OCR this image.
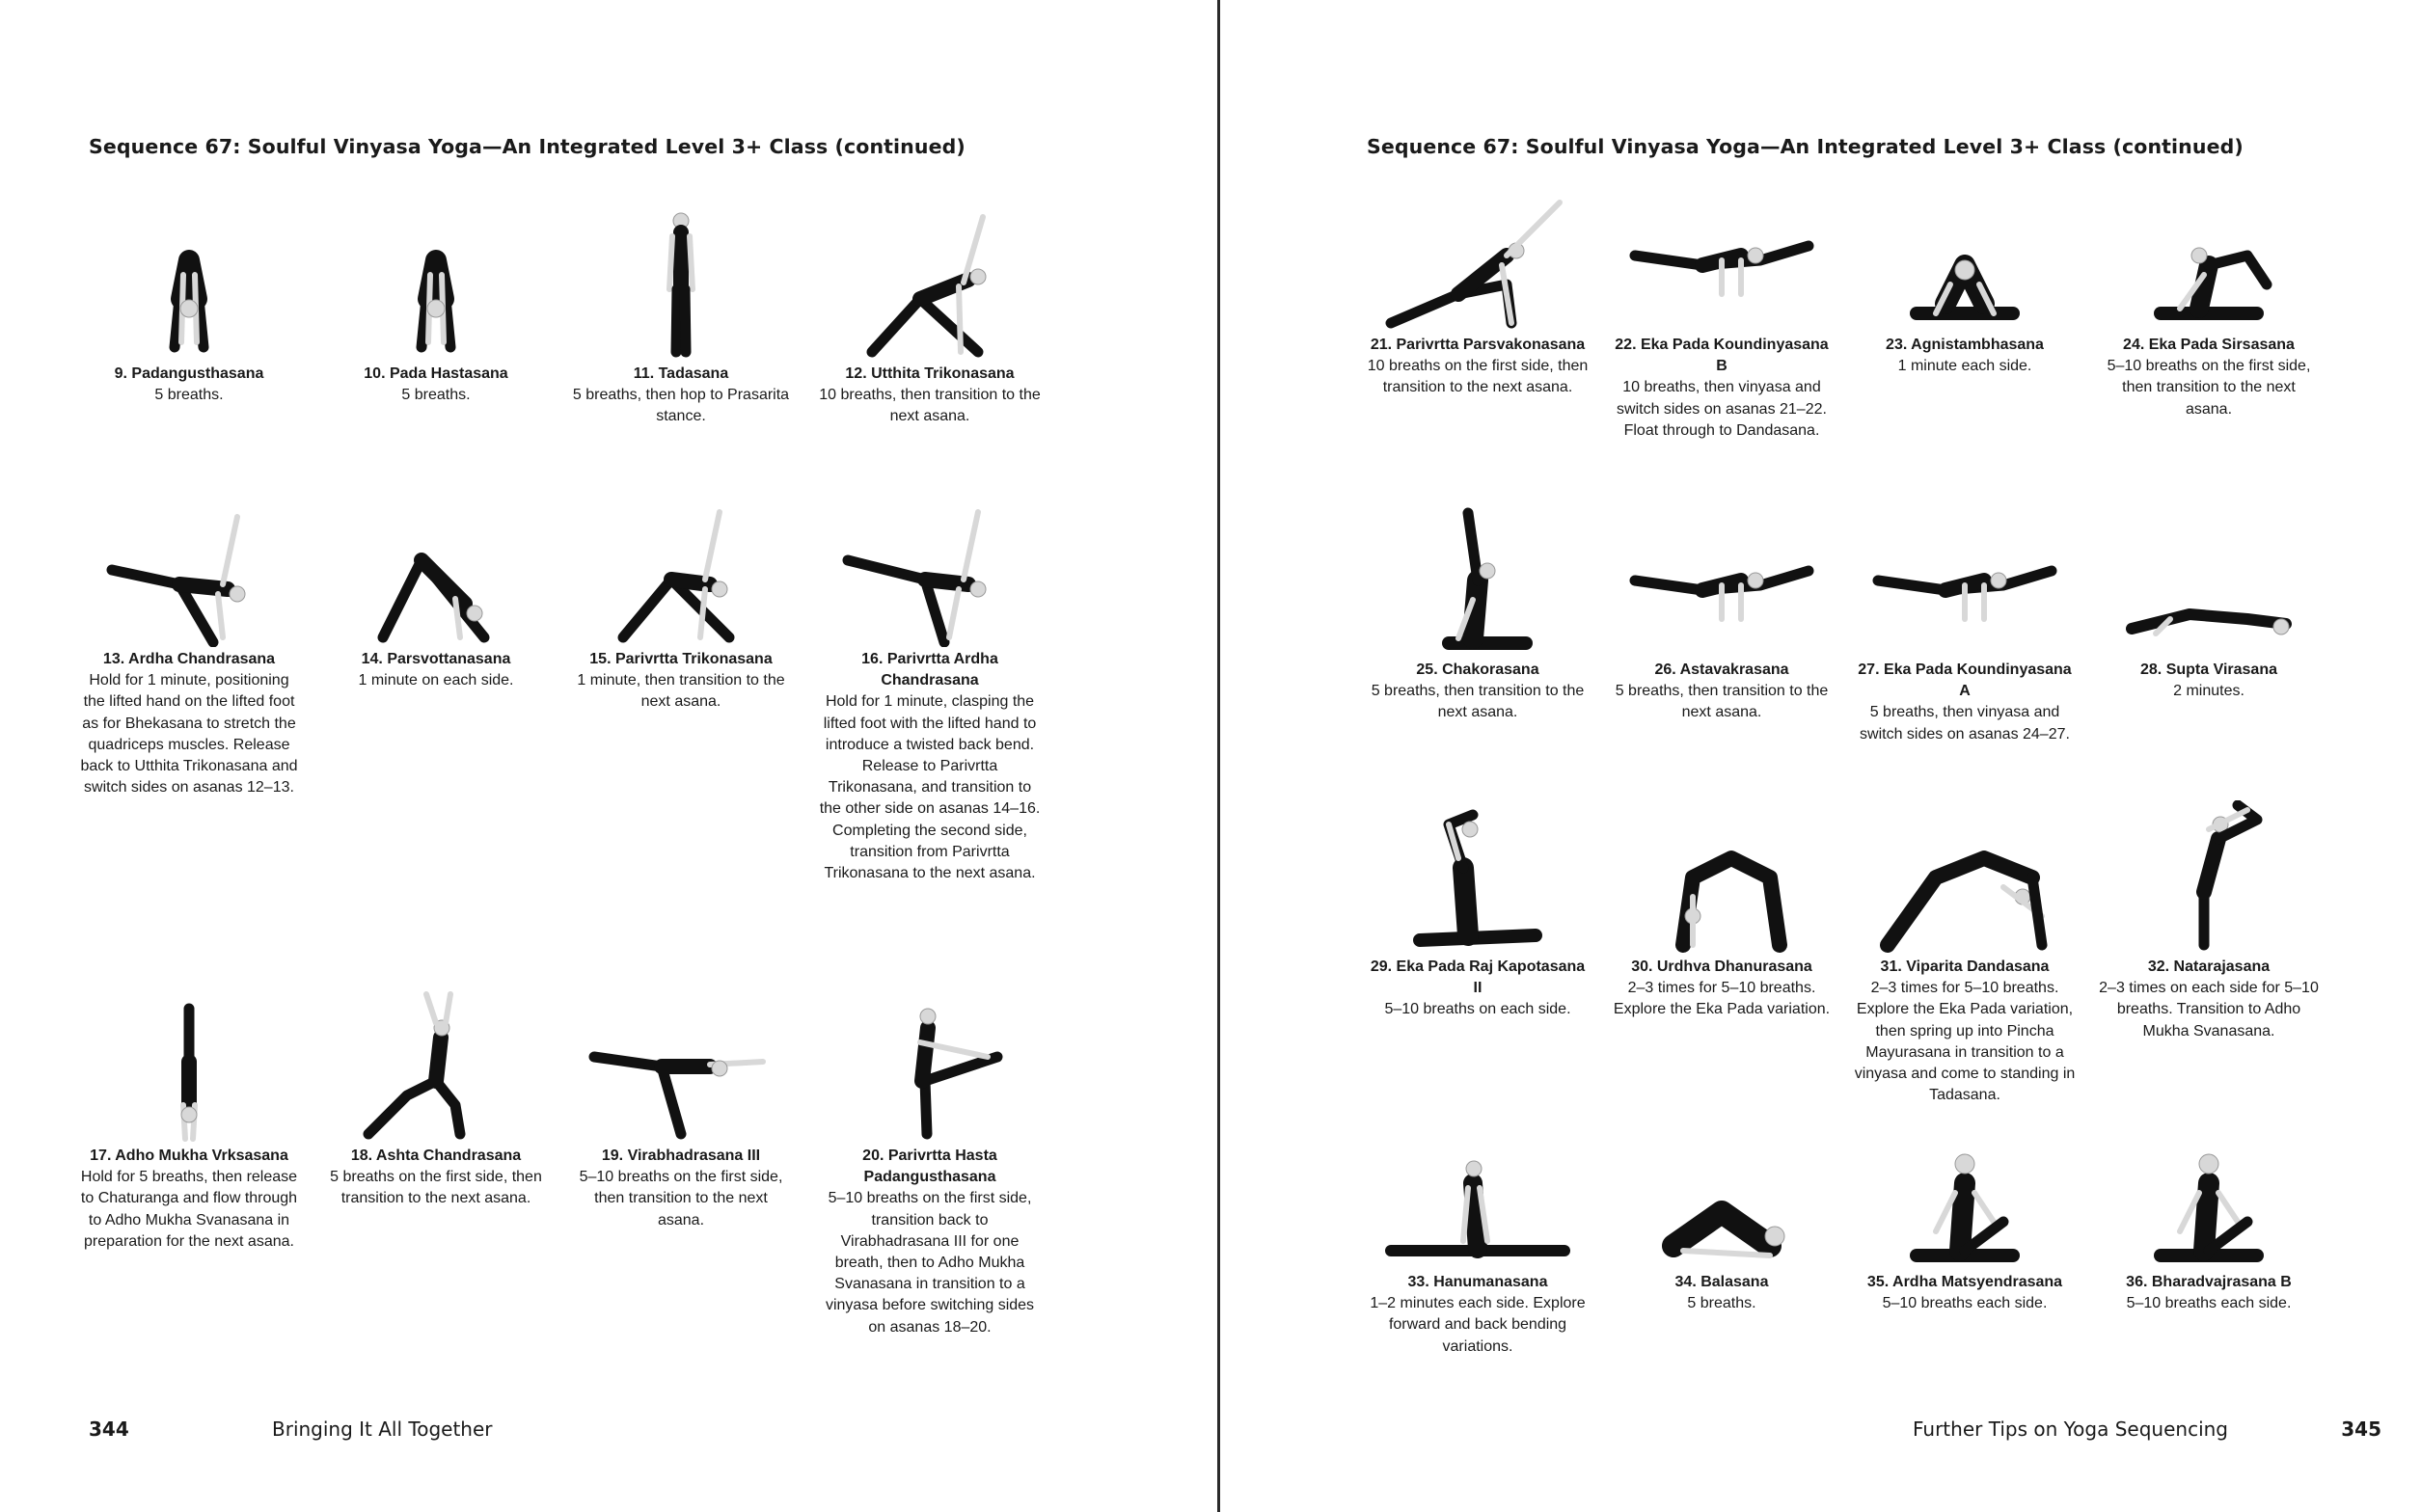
Sequence 67: Soulful Vinyasa Yoga—An Integrated Level 3+ Class (continued)
9. Padangusthasana
5 breaths.
10. Pada Hastasana
5 breaths.
11. Tadasana
5 breaths, then hop to Prasarita stance.
12. Utthita Trikonasana
10 breaths, then transition to the next asana.
13. Ardha Chandrasana
Hold for 1 minute, positioning the lifted hand on the lifted foot as for Bhekasana to stretch the quadriceps muscles. Release back to Utthita Trikonasana and switch sides on asanas 12–13.
14. Parsvottanasana
1 minute on each side.
15. Parivrtta Trikonasana
1 minute, then transition to the next asana.
16. Parivrtta Ardha Chandrasana
Hold for 1 minute, clasping the lifted foot with the lifted hand to introduce a twisted back bend. Release to Parivrtta Trikonasana, and transition to the other side on asanas 14–16. Completing the second side, transition from Parivrtta Trikonasana to the next asana.
17. Adho Mukha Vrksasana
Hold for 5 breaths, then release to Chaturanga and flow through to Adho Mukha Svanasana in preparation for the next asana.
18. Ashta Chandrasana
5 breaths on the first side, then transition to the next asana.
19. Virabhadrasana III
5–10 breaths on the first side, then transition to the next asana.
20. Parivrtta Hasta Padangusthasana
5–10 breaths on the first side, transition back to Virabhadrasana III for one breath, then to Adho Mukha Svanasana in transition to a vinyasa before switching sides on asanas 18–20.
344	Bringing It All Together
Sequence 67: Soulful Vinyasa Yoga—An Integrated Level 3+ Class (continued)
21. Parivrtta Parsvakonasana
10 breaths on the first side, then transition to the next asana.
22. Eka Pada Koundinyasana B
10 breaths, then vinyasa and switch sides on asanas 21–22. Float through to Dandasana.
23. Agnistambhasana
1 minute each side.
24. Eka Pada Sirsasana
5–10 breaths on the first side, then transition to the next asana.
25. Chakorasana
5 breaths, then transition to the next asana.
26. Astavakrasana
5 breaths, then transition to the next asana.
27. Eka Pada Koundinyasana A
5 breaths, then vinyasa and switch sides on asanas 24–27.
28. Supta Virasana
2 minutes.
29. Eka Pada Raj Kapotasana II
5–10 breaths on each side.
30. Urdhva Dhanurasana
2–3 times for 5–10 breaths. Explore the Eka Pada variation.
31. Viparita Dandasana
2–3 times for 5–10 breaths. Explore the Eka Pada variation, then spring up into Pincha Mayurasana in transition to a vinyasa and come to standing in Tadasana.
32. Natarajasana
2–3 times on each side for 5–10 breaths. Transition to Adho Mukha Svanasana.
33. Hanumanasana
1–2 minutes each side. Explore forward and back bending variations.
34. Balasana
5 breaths.
35. Ardha Matsyendrasana
5–10 breaths each side.
36. Bharadvajrasana B
5–10 breaths each side.
Further Tips on Yoga Sequencing	345
